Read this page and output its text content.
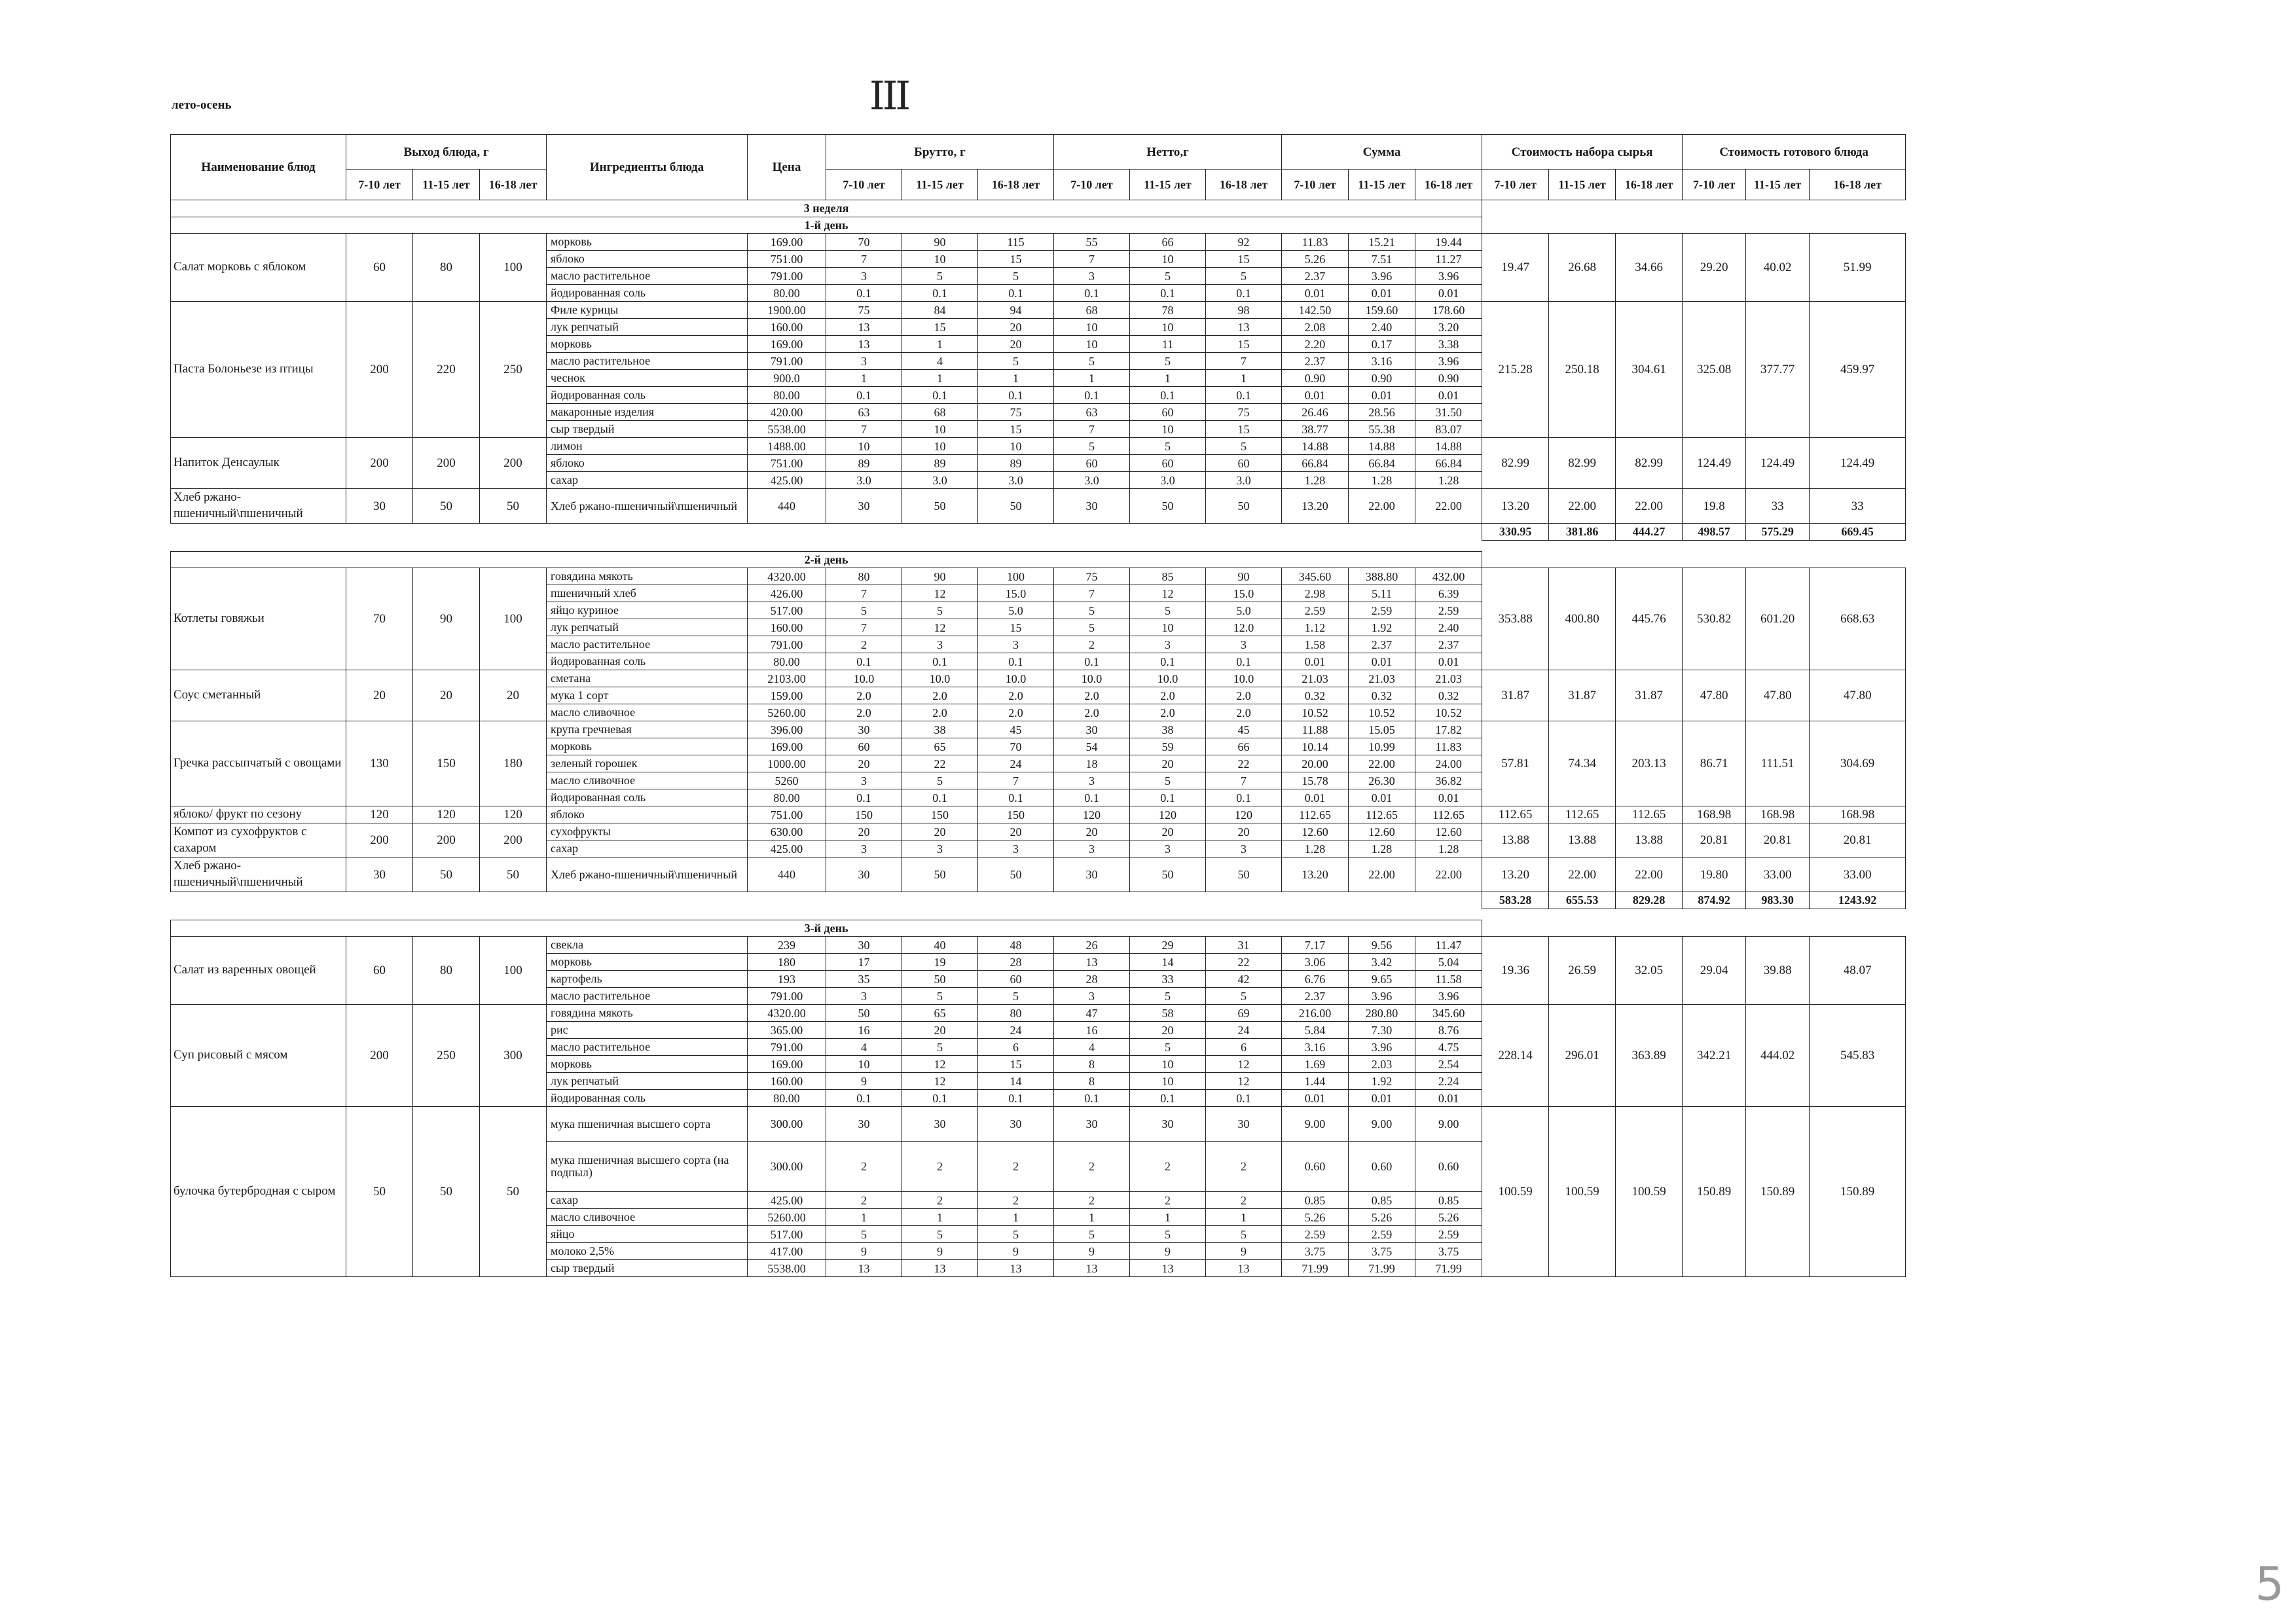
лето-осень	III
5
Наименование блюд	Выход блюда, г			Ингредиенты блюда	Цена	Брутто, г			Нетто,г			Сумма			Стоимость набора сырья			Стоимость готового блюда		
	7-10 лет	11-15 лет	16-18 лет			7-10 лет	11-15 лет	16-18 лет	7-10 лет	11-15 лет	16-18 лет	7-10 лет	11-15 лет	16-18 лет	7-10 лет	11-15 лет	16-18 лет	7-10 лет	11-15 лет	16-18 лет
3 неделя																				
1-й день																				
Салат морковь с яблоком	60	80	100	морковь	169.00	70	90	115	55	66	92	11.83	15.21	19.44	19.47	26.68	34.66	29.20	40.02	51.99
				яблоко	751.00	7	10	15	7	10	15	5.26	7.51	11.27						
				масло растительное	791.00	3	5	5	3	5	5	2.37	3.96	3.96						
				йодированная соль	80.00	0.1	0.1	0.1	0.1	0.1	0.1	0.01	0.01	0.01						
Паста Болоньезе из птицы	200	220	250	Филе курицы	1900.00	75	84	94	68	78	98	142.50	159.60	178.60	215.28	250.18	304.61	325.08	377.77	459.97
				лук репчатый	160.00	13	15	20	10	10	13	2.08	2.40	3.20						
				морковь	169.00	13	1	20	10	11	15	2.20	0.17	3.38						
				масло растительное	791.00	3	4	5	5	5	7	2.37	3.16	3.96						
				чеснок	900.0	1	1	1	1	1	1	0.90	0.90	0.90						
				йодированная соль	80.00	0.1	0.1	0.1	0.1	0.1	0.1	0.01	0.01	0.01						
				макаронные изделия	420.00	63	68	75	63	60	75	26.46	28.56	31.50						
				сыр твердый	5538.00	7	10	15	7	10	15	38.77	55.38	83.07						
Напиток Денсаулык	200	200	200	лимон	1488.00	10	10	10	5	5	5	14.88	14.88	14.88	82.99	82.99	82.99	124.49	124.49	124.49
				яблоко	751.00	89	89	89	60	60	60	66.84	66.84	66.84						
				сахар	425.00	3.0	3.0	3.0	3.0	3.0	3.0	1.28	1.28	1.28						
Хлеб ржано-пшеничный\пшеничный	30	50	50	Хлеб ржано-пшеничный\пшеничный	440	30	50	50	30	50	50	13.20	22.00	22.00	13.20	22.00	22.00	19.8	33	33
															330.95	381.86	444.27	498.57	575.29	669.45

2-й день																				
Котлеты говяжьи	70	90	100	говядина мякоть	4320.00	80	90	100	75	85	90	345.60	388.80	432.00	353.88	400.80	445.76	530.82	601.20	668.63
				пшеничный хлеб	426.00	7	12	15.0	7	12	15.0	2.98	5.11	6.39						
				яйцо куриное	517.00	5	5	5.0	5	5	5.0	2.59	2.59	2.59						
				лук репчатый	160.00	7	12	15	5	10	12.0	1.12	1.92	2.40						
				масло растительное	791.00	2	3	3	2	3	3	1.58	2.37	2.37						
				йодированная соль	80.00	0.1	0.1	0.1	0.1	0.1	0.1	0.01	0.01	0.01						
Соус сметанный	20	20	20	сметана	2103.00	10.0	10.0	10.0	10.0	10.0	10.0	21.03	21.03	21.03	31.87	31.87	31.87	47.80	47.80	47.80
				мука 1 сорт	159.00	2.0	2.0	2.0	2.0	2.0	2.0	0.32	0.32	0.32						
				масло сливочное	5260.00	2.0	2.0	2.0	2.0	2.0	2.0	10.52	10.52	10.52						
Гречка рассыпчатый с овощами	130	150	180	крупа гречневая	396.00	30	38	45	30	38	45	11.88	15.05	17.82	57.81	74.34	203.13	86.71	111.51	304.69
				морковь	169.00	60	65	70	54	59	66	10.14	10.99	11.83						
				зеленый горошек	1000.00	20	22	24	18	20	22	20.00	22.00	24.00						
				масло сливочное	5260	3	5	7	3	5	7	15.78	26.30	36.82						
				йодированная соль	80.00	0.1	0.1	0.1	0.1	0.1	0.1	0.01	0.01	0.01						
яблоко/ фрукт по сезону	120	120	120	яблоко	751.00	150	150	150	120	120	120	112.65	112.65	112.65	112.65	112.65	112.65	168.98	168.98	168.98
Компот из сухофруктов с сахаром	200	200	200	сухофрукты	630.00	20	20	20	20	20	20	12.60	12.60	12.60	13.88	13.88	13.88	20.81	20.81	20.81
				сахар	425.00	3	3	3	3	3	3	1.28	1.28	1.28						
Хлеб ржано-пшеничный\пшеничный	30	50	50	Хлеб ржано-пшеничный\пшеничный	440	30	50	50	30	50	50	13.20	22.00	22.00	13.20	22.00	22.00	19.80	33.00	33.00
															583.28	655.53	829.28	874.92	983.30	1243.92

3-й день																				
Салат из варенных овощей	60	80	100	свекла	239	30	40	48	26	29	31	7.17	9.56	11.47	19.36	26.59	32.05	29.04	39.88	48.07
				морковь	180	17	19	28	13	14	22	3.06	3.42	5.04						
				картофель	193	35	50	60	28	33	42	6.76	9.65	11.58						
				масло растительное	791.00	3	5	5	3	5	5	2.37	3.96	3.96						
Суп рисовый с мясом	200	250	300	говядина мякоть	4320.00	50	65	80	47	58	69	216.00	280.80	345.60	228.14	296.01	363.89	342.21	444.02	545.83
				рис	365.00	16	20	24	16	20	24	5.84	7.30	8.76						
				масло растительное	791.00	4	5	6	4	5	6	3.16	3.96	4.75						
				морковь	169.00	10	12	15	8	10	12	1.69	2.03	2.54						
				лук репчатый	160.00	9	12	14	8	10	12	1.44	1.92	2.24						
				йодированная соль	80.00	0.1	0.1	0.1	0.1	0.1	0.1	0.01	0.01	0.01						
булочка бутербродная с сыром	50	50	50	мука пшеничная высшего сорта	300.00	30	30	30	30	30	30	9.00	9.00	9.00	100.59	100.59	100.59	150.89	150.89	150.89
				мука пшеничная высшего сорта (на подпыл)	300.00	2	2	2	2	2	2	0.60	0.60	0.60						
				сахар	425.00	2	2	2	2	2	2	0.85	0.85	0.85						
				масло сливочное	5260.00	1	1	1	1	1	1	5.26	5.26	5.26						
				яйцо	517.00	5	5	5	5	5	5	2.59	2.59	2.59						
				молоко 2,5%	417.00	9	9	9	9	9	9	3.75	3.75	3.75						
				сыр твердый	5538.00	13	13	13	13	13	13	71.99	71.99	71.99						
